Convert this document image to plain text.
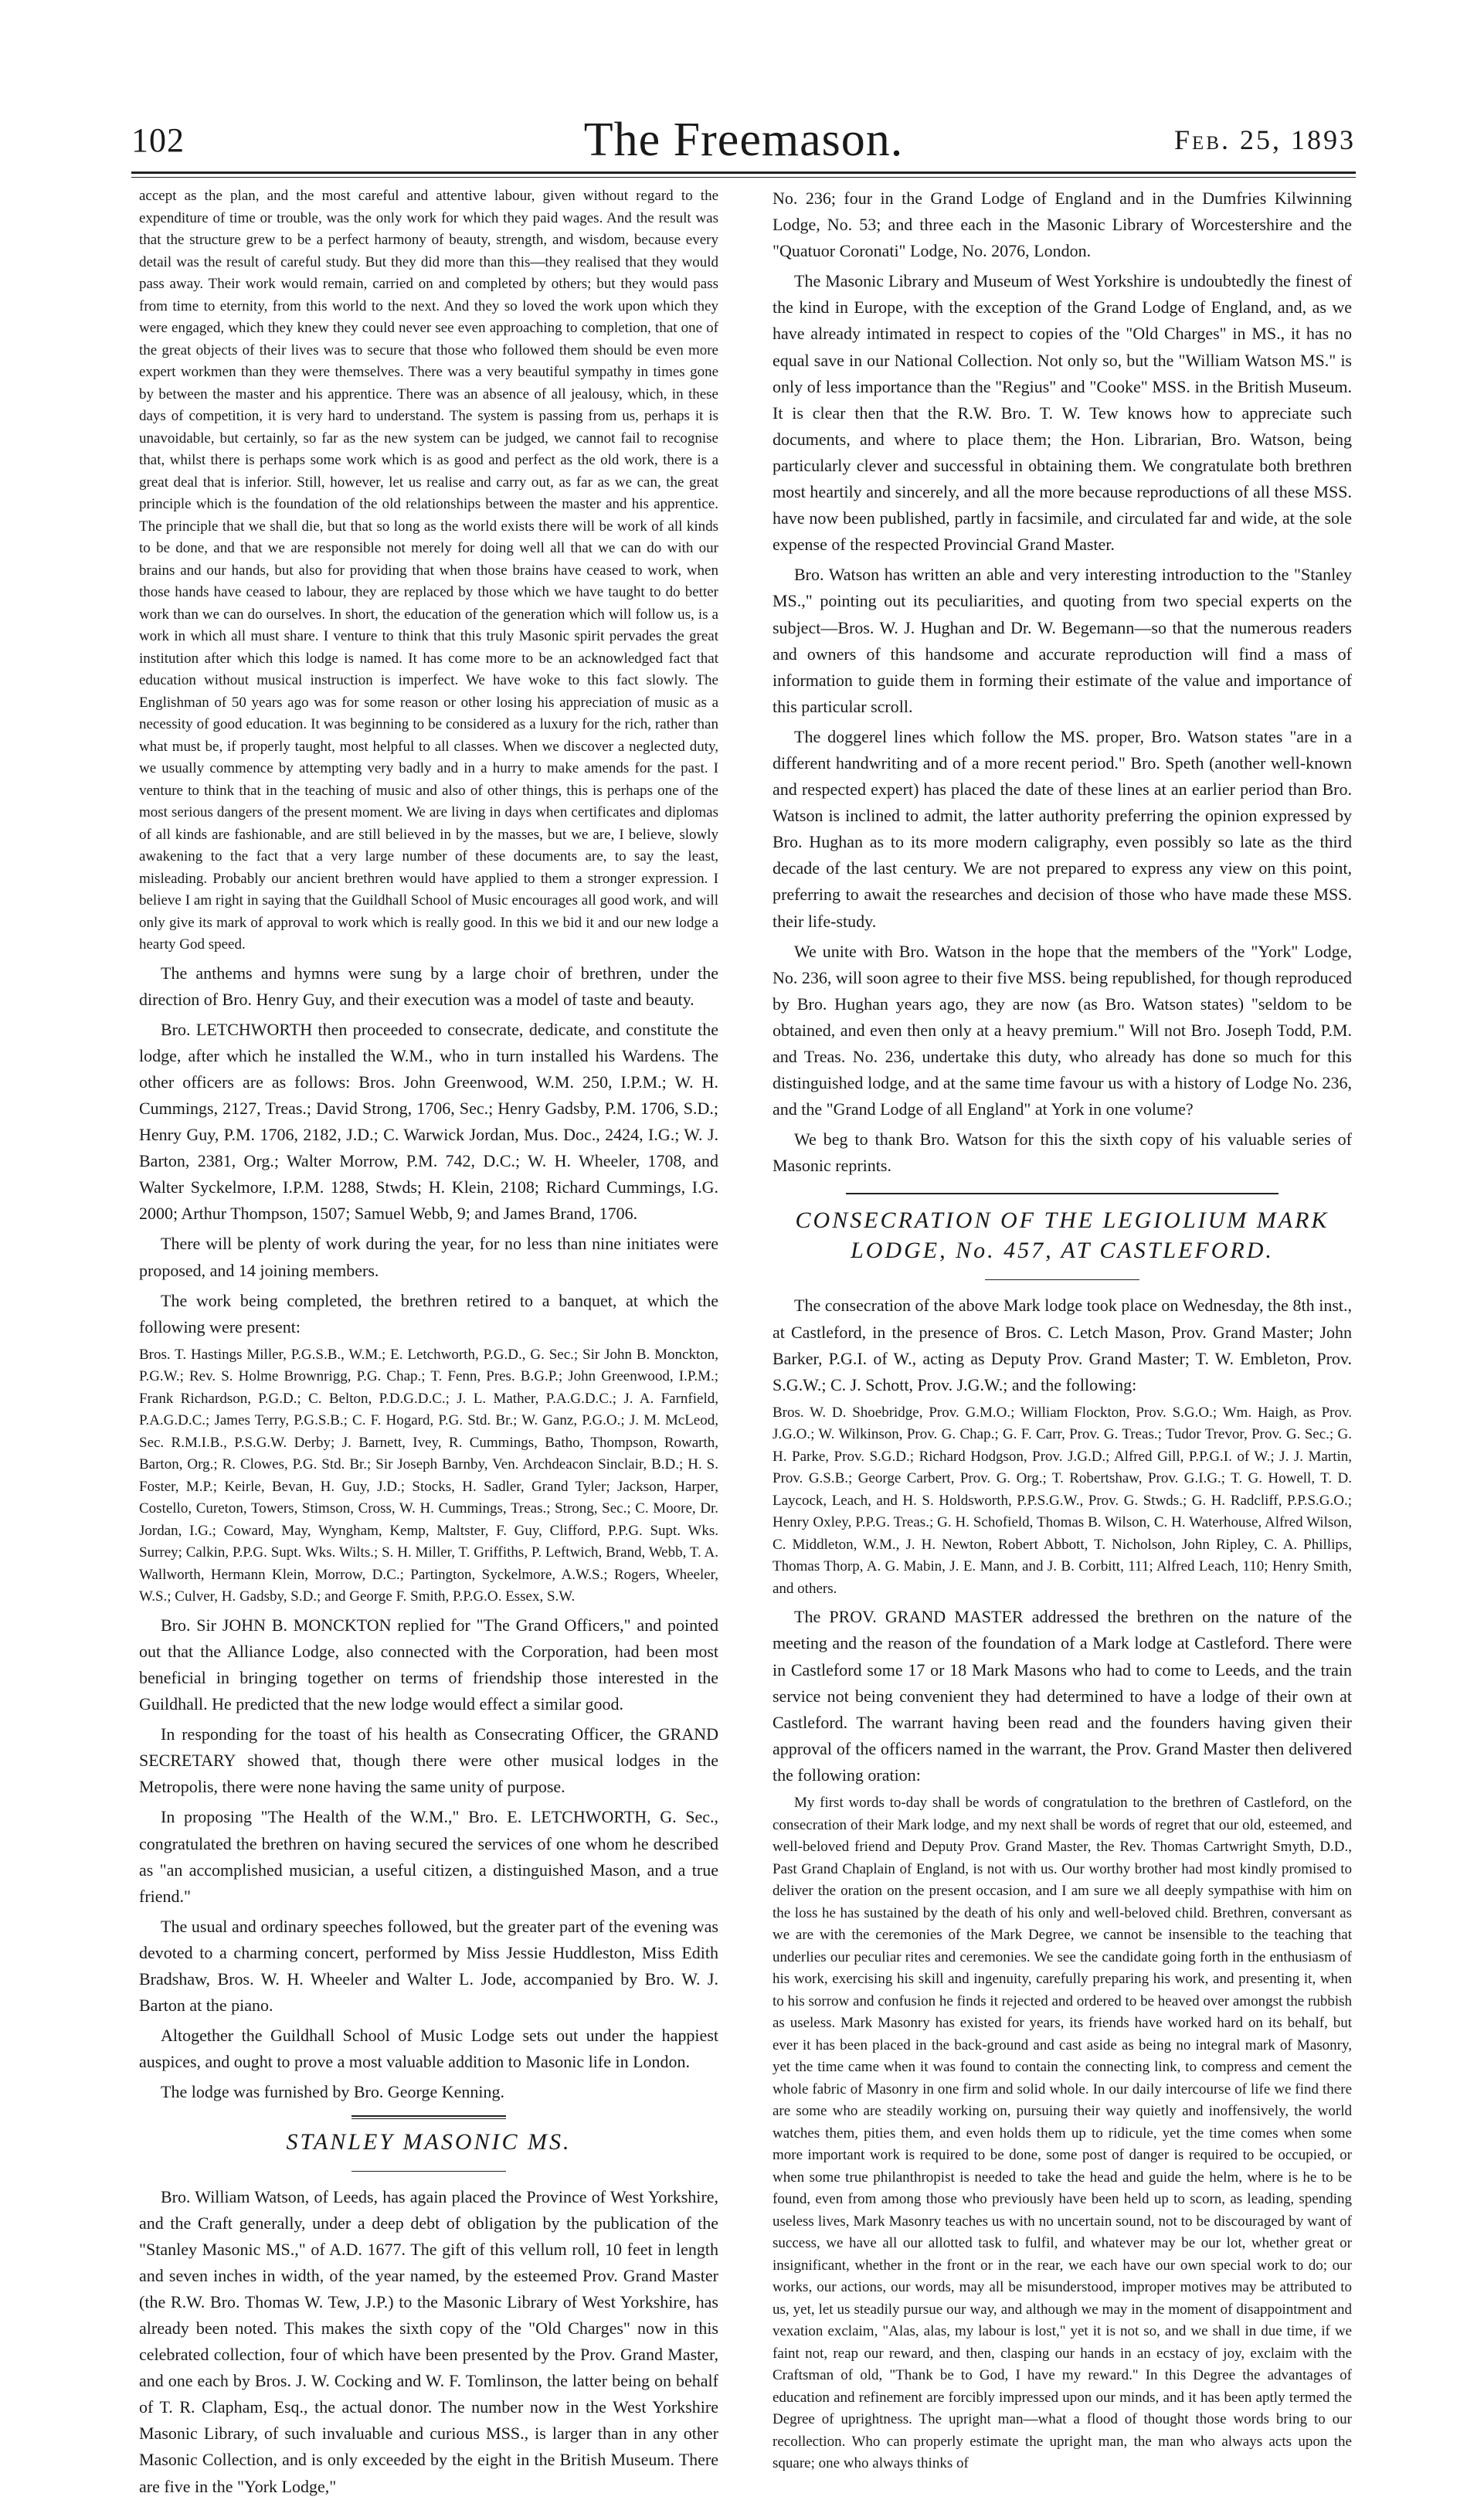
102	The Freemason.	Feb. 25, 1893

accept as the plan, and the most careful and attentive labour, given without regard to the expenditure of time or trouble, was the only work for which they paid wages. And the result was that the structure grew to be a perfect harmony of beauty, strength, and wisdom, because every detail was the result of careful study. But they did more than this—they realised that they would pass away. Their work would remain, carried on and completed by others; but they would pass from time to eternity, from this world to the next. And they so loved the work upon which they were engaged, which they knew they could never see even approaching to completion, that one of the great objects of their lives was to secure that those who followed them should be even more expert workmen than they were themselves. There was a very beautiful sympathy in times gone by between the master and his apprentice. There was an absence of all jealousy, which, in these days of competition, it is very hard to understand. The system is passing from us, perhaps it is unavoidable, but certainly, so far as the new system can be judged, we cannot fail to recognise that, whilst there is perhaps some work which is as good and perfect as the old work, there is a great deal that is inferior. Still, however, let us realise and carry out, as far as we can, the great principle which is the foundation of the old relationships between the master and his apprentice. The principle that we shall die, but that so long as the world exists there will be work of all kinds to be done, and that we are responsible not merely for doing well all that we can do with our brains and our hands, but also for providing that when those brains have ceased to work, when those hands have ceased to labour, they are replaced by those which we have taught to do better work than we can do ourselves. In short, the education of the generation which will follow us, is a work in which all must share. I venture to think that this truly Masonic spirit pervades the great institution after which this lodge is named. It has come more to be an acknowledged fact that education without musical instruction is imperfect. We have woke to this fact slowly. The Englishman of 50 years ago was for some reason or other losing his appreciation of music as a necessity of good education. It was beginning to be considered as a luxury for the rich, rather than what must be, if properly taught, most helpful to all classes. When we discover a neglected duty, we usually commence by attempting very badly and in a hurry to make amends for the past. I venture to think that in the teaching of music and also of other things, this is perhaps one of the most serious dangers of the present moment. We are living in days when certificates and diplomas of all kinds are fashionable, and are still believed in by the masses, but we are, I believe, slowly awakening to the fact that a very large number of these documents are, to say the least, misleading. Probably our ancient brethren would have applied to them a stronger expression. I believe I am right in saying that the Guildhall School of Music encourages all good work, and will only give its mark of approval to work which is really good. In this we bid it and our new lodge a hearty God speed.

The anthems and hymns were sung by a large choir of brethren, under the direction of Bro. Henry Guy, and their execution was a model of taste and beauty.

Bro. LETCHWORTH then proceeded to consecrate, dedicate, and constitute the lodge, after which he installed the W.M., who in turn installed his Wardens. The other officers are as follows: Bros. John Greenwood, W.M. 250, I.P.M.; W. H. Cummings, 2127, Treas.; David Strong, 1706, Sec.; Henry Gadsby, P.M. 1706, S.D.; Henry Guy, P.M. 1706, 2182, J.D.; C. Warwick Jordan, Mus. Doc., 2424, I.G.; W. J. Barton, 2381, Org.; Walter Morrow, P.M. 742, D.C.; W. H. Wheeler, 1708, and Walter Syckelmore, I.P.M. 1288, Stwds; H. Klein, 2108; Richard Cummings, I.G. 2000; Arthur Thompson, 1507; Samuel Webb, 9; and James Brand, 1706.

There will be plenty of work during the year, for no less than nine initiates were proposed, and 14 joining members.

The work being completed, the brethren retired to a banquet, at which the following were present:

Bros. T. Hastings Miller, P.G.S.B., W.M.; E. Letchworth, P.G.D., G. Sec.; Sir John B. Monckton, P.G.W.; Rev. S. Holme Brownrigg, P.G. Chap.; T. Fenn, Pres. B.G.P.; John Greenwood, I.P.M.; Frank Richardson, P.G.D.; C. Belton, P.D.G.D.C.; J. L. Mather, P.A.G.D.C.; J. A. Farnfield, P.A.G.D.C.; James Terry, P.G.S.B.; C. F. Hogard, P.G. Std. Br.; W. Ganz, P.G.O.; J. M. McLeod, Sec. R.M.I.B., P.S.G.W. Derby; J. Barnett, Ivey, R. Cummings, Batho, Thompson, Rowarth, Barton, Org.; R. Clowes, P.G. Std. Br.; Sir Joseph Barnby, Ven. Archdeacon Sinclair, B.D.; H. S. Foster, M.P.; Keirle, Bevan, H. Guy, J.D.; Stocks, H. Sadler, Grand Tyler; Jackson, Harper, Costello, Cureton, Towers, Stimson, Cross, W. H. Cummings, Treas.; Strong, Sec.; C. Moore, Dr. Jordan, I.G.; Coward, May, Wyngham, Kemp, Maltster, F. Guy, Clifford, P.P.G. Supt. Wks. Surrey; Calkin, P.P.G. Supt. Wks. Wilts.; S. H. Miller, T. Griffiths, P. Leftwich, Brand, Webb, T. A. Wallworth, Hermann Klein, Morrow, D.C.; Partington, Syckelmore, A.W.S.; Rogers, Wheeler, W.S.; Culver, H. Gadsby, S.D.; and George F. Smith, P.P.G.O. Essex, S.W.

Bro. Sir JOHN B. MONCKTON replied for "The Grand Officers," and pointed out that the Alliance Lodge, also connected with the Corporation, had been most beneficial in bringing together on terms of friendship those interested in the Guildhall. He predicted that the new lodge would effect a similar good.

In responding for the toast of his health as Consecrating Officer, the GRAND SECRETARY showed that, though there were other musical lodges in the Metropolis, there were none having the same unity of purpose.

In proposing "The Health of the W.M.," Bro. E. LETCHWORTH, G. Sec., congratulated the brethren on having secured the services of one whom he described as "an accomplished musician, a useful citizen, a distinguished Mason, and a true friend."

The usual and ordinary speeches followed, but the greater part of the evening was devoted to a charming concert, performed by Miss Jessie Huddleston, Miss Edith Bradshaw, Bros. W. H. Wheeler and Walter L. Jode, accompanied by Bro. W. J. Barton at the piano.

Altogether the Guildhall School of Music Lodge sets out under the happiest auspices, and ought to prove a most valuable addition to Masonic life in London.

The lodge was furnished by Bro. George Kenning.

STANLEY MASONIC MS.

Bro. William Watson, of Leeds, has again placed the Province of West Yorkshire, and the Craft generally, under a deep debt of obligation by the publication of the "Stanley Masonic MS.," of A.D. 1677. The gift of this vellum roll, 10 feet in length and seven inches in width, of the year named, by the esteemed Prov. Grand Master (the R.W. Bro. Thomas W. Tew, J.P.) to the Masonic Library of West Yorkshire, has already been noted. This makes the sixth copy of the "Old Charges" now in this celebrated collection, four of which have been presented by the Prov. Grand Master, and one each by Bros. J. W. Cocking and W. F. Tomlinson, the latter being on behalf of T. R. Clapham, Esq., the actual donor. The number now in the West Yorkshire Masonic Library, of such invaluable and curious MSS., is larger than in any other Masonic Collection, and is only exceeded by the eight in the British Museum. There are five in the "York Lodge,"

No. 236; four in the Grand Lodge of England and in the Dumfries Kilwinning Lodge, No. 53; and three each in the Masonic Library of Worcestershire and the "Quatuor Coronati" Lodge, No. 2076, London.

The Masonic Library and Museum of West Yorkshire is undoubtedly the finest of the kind in Europe, with the exception of the Grand Lodge of England, and, as we have already intimated in respect to copies of the "Old Charges" in MS., it has no equal save in our National Collection. Not only so, but the "William Watson MS." is only of less importance than the "Regius" and "Cooke" MSS. in the British Museum. It is clear then that the R.W. Bro. T. W. Tew knows how to appreciate such documents, and where to place them; the Hon. Librarian, Bro. Watson, being particularly clever and successful in obtaining them. We congratulate both brethren most heartily and sincerely, and all the more because reproductions of all these MSS. have now been published, partly in facsimile, and circulated far and wide, at the sole expense of the respected Provincial Grand Master.

Bro. Watson has written an able and very interesting introduction to the "Stanley MS.," pointing out its peculiarities, and quoting from two special experts on the subject—Bros. W. J. Hughan and Dr. W. Begemann—so that the numerous readers and owners of this handsome and accurate reproduction will find a mass of information to guide them in forming their estimate of the value and importance of this particular scroll.

The doggerel lines which follow the MS. proper, Bro. Watson states "are in a different handwriting and of a more recent period." Bro. Speth (another well-known and respected expert) has placed the date of these lines at an earlier period than Bro. Watson is inclined to admit, the latter authority preferring the opinion expressed by Bro. Hughan as to its more modern caligraphy, even possibly so late as the third decade of the last century. We are not prepared to express any view on this point, preferring to await the researches and decision of those who have made these MSS. their life-study.

We unite with Bro. Watson in the hope that the members of the "York" Lodge, No. 236, will soon agree to their five MSS. being republished, for though reproduced by Bro. Hughan years ago, they are now (as Bro. Watson states) "seldom to be obtained, and even then only at a heavy premium." Will not Bro. Joseph Todd, P.M. and Treas. No. 236, undertake this duty, who already has done so much for this distinguished lodge, and at the same time favour us with a history of Lodge No. 236, and the "Grand Lodge of all England" at York in one volume?

We beg to thank Bro. Watson for this the sixth copy of his valuable series of Masonic reprints.

CONSECRATION OF THE LEGIOLIUM MARK
LODGE, No. 457, AT CASTLEFORD.

The consecration of the above Mark lodge took place on Wednesday, the 8th inst., at Castleford, in the presence of Bros. C. Letch Mason, Prov. Grand Master; John Barker, P.G.I. of W., acting as Deputy Prov. Grand Master; T. W. Embleton, Prov. S.G.W.; C. J. Schott, Prov. J.G.W.; and the following:

Bros. W. D. Shoebridge, Prov. G.M.O.; William Flockton, Prov. S.G.O.; Wm. Haigh, as Prov. J.G.O.; W. Wilkinson, Prov. G. Chap.; G. F. Carr, Prov. G. Treas.; Tudor Trevor, Prov. G. Sec.; G. H. Parke, Prov. S.G.D.; Richard Hodgson, Prov. J.G.D.; Alfred Gill, P.P.G.I. of W.; J. J. Martin, Prov. G.S.B.; George Carbert, Prov. G. Org.; T. Robertshaw, Prov. G.I.G.; T. G. Howell, T. D. Laycock, Leach, and H. S. Holdsworth, P.P.S.G.W., Prov. G. Stwds.; G. H. Radcliff, P.P.S.G.O.; Henry Oxley, P.P.G. Treas.; G. H. Schofield, Thomas B. Wilson, C. H. Waterhouse, Alfred Wilson, C. Middleton, W.M., J. H. Newton, Robert Abbott, T. Nicholson, John Ripley, C. A. Phillips, Thomas Thorp, A. G. Mabin, J. E. Mann, and J. B. Corbitt, 111; Alfred Leach, 110; Henry Smith, and others.

The PROV. GRAND MASTER addressed the brethren on the nature of the meeting and the reason of the foundation of a Mark lodge at Castleford. There were in Castleford some 17 or 18 Mark Masons who had to come to Leeds, and the train service not being convenient they had determined to have a lodge of their own at Castleford. The warrant having been read and the founders having given their approval of the officers named in the warrant, the Prov. Grand Master then delivered the following oration:

My first words to-day shall be words of congratulation to the brethren of Castleford, on the consecration of their Mark lodge, and my next shall be words of regret that our old, esteemed, and well-beloved friend and Deputy Prov. Grand Master, the Rev. Thomas Cartwright Smyth, D.D., Past Grand Chaplain of England, is not with us. Our worthy brother had most kindly promised to deliver the oration on the present occasion, and I am sure we all deeply sympathise with him on the loss he has sustained by the death of his only and well-beloved child. Brethren, conversant as we are with the ceremonies of the Mark Degree, we cannot be insensible to the teaching that underlies our peculiar rites and ceremonies. We see the candidate going forth in the enthusiasm of his work, exercising his skill and ingenuity, carefully preparing his work, and presenting it, when to his sorrow and confusion he finds it rejected and ordered to be heaved over amongst the rubbish as useless. Mark Masonry has existed for years, its friends have worked hard on its behalf, but ever it has been placed in the back-ground and cast aside as being no integral mark of Masonry, yet the time came when it was found to contain the connecting link, to compress and cement the whole fabric of Masonry in one firm and solid whole. In our daily intercourse of life we find there are some who are steadily working on, pursuing their way quietly and inoffensively, the world watches them, pities them, and even holds them up to ridicule, yet the time comes when some more important work is required to be done, some post of danger is required to be occupied, or when some true philanthropist is needed to take the head and guide the helm, where is he to be found, even from among those who previously have been held up to scorn, as leading, spending useless lives, Mark Masonry teaches us with no uncertain sound, not to be discouraged by want of success, we have all our allotted task to fulfil, and whatever may be our lot, whether great or insignificant, whether in the front or in the rear, we each have our own special work to do; our works, our actions, our words, may all be misunderstood, improper motives may be attributed to us, yet, let us steadily pursue our way, and although we may in the moment of disappointment and vexation exclaim, "Alas, alas, my labour is lost," yet it is not so, and we shall in due time, if we faint not, reap our reward, and then, clasping our hands in an ecstacy of joy, exclaim with the Craftsman of old, "Thank be to God, I have my reward." In this Degree the advantages of education and refinement are forcibly impressed upon our minds, and it has been aptly termed the Degree of uprightness. The upright man—what a flood of thought those words bring to our recollection. Who can properly estimate the upright man, the man who always acts upon the square; one who always thinks of
